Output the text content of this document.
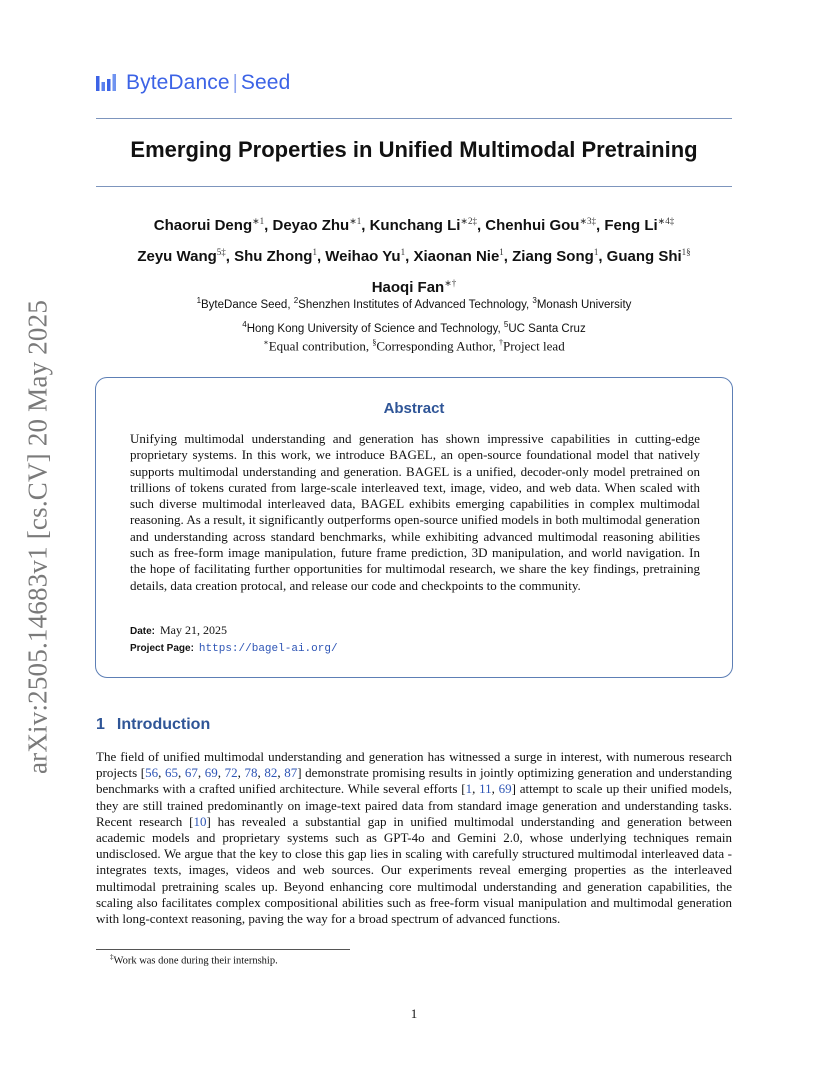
arXiv:2505.14683v1 [cs.CV] 20 May 2025
ByteDance | Seed
Emerging Properties in Unified Multimodal Pretraining
Chaorui Deng$^{∗1}$, Deyao Zhu$^{∗1}$, Kunchang $Li^{∗2\ddagger}$, Chenhui Gou$^{∗3\ddagger}$, Feng $Li^{∗4\ddagger}$
Zeyu Wang$^{5\ddagger}$, Shu Zhong$^1$, Weihao Yu$^1$, Xiaonan Nie$^1$, Ziang Song$^1$, Guang Shi$^{1\S}$
Haoqi Fan∗†
$^1$ByteDance Seed, $^2$Shenzhen Institutes of Advanced Technology, $^3$Monash University
$^4$Hong Kong University of Science and Technology, $^5$UC Santa Cruz
∗Equal contribution, §Corresponding Author, †Project lead
Abstract
Unifying multimodal understanding and generation has shown impressive capabilities in cutting-edge proprietary systems. In this work, we introduce BAGEL, an open-source foundational model that natively supports multimodal understanding and generation. BAGEL is a unified, decoder-only model pretrained on trillions of tokens curated from large-scale interleaved text, image, video, and web data. When scaled with such diverse multimodal interleaved data, BAGEL exhibits emerging capabilities in complex multimodal reasoning. As a result, it significantly outperforms open-source unified models in both multimodal generation and understanding across standard benchmarks, while exhibiting advanced multimodal reasoning abilities such as free-form image manipulation, future frame prediction, 3D manipulation, and world navigation. In the hope of facilitating further opportunities for multimodal research, we share the key findings, pretraining details, data creation protocal, and release our code and checkpoints to the community.
Date: May 21, 2025
Project Page: https://bagel-ai.org/
1 Introduction
The field of unified multimodal understanding and generation has witnessed a surge in interest, with numerous research projects [56, 65, 67, 69, 72, 78, 82, 87] demonstrate promising results in jointly optimizing generation and understanding benchmarks with a crafted unified architecture. While several efforts [1, 11, 69] attempt to scale up their unified models, they are still trained predominantly on image-text paired data from standard image generation and understanding tasks. Recent research [10] has revealed a substantial gap in unified multimodal understanding and generation between academic models and proprietary systems such as GPT-4o and Gemini 2.0, whose underlying techniques remain undisclosed. We argue that the key to close this gap lies in scaling with carefully structured multimodal interleaved data - integrates texts, images, videos and web sources. Our experiments reveal emerging properties as the interleaved multimodal pretraining scales up. Beyond enhancing core multimodal understanding and generation capabilities, the scaling also facilitates complex compositional abilities such as free-form visual manipulation and multimodal generation with long-context reasoning, paving the way for a broad spectrum of advanced functions.
‡Work was done during their internship.
1
